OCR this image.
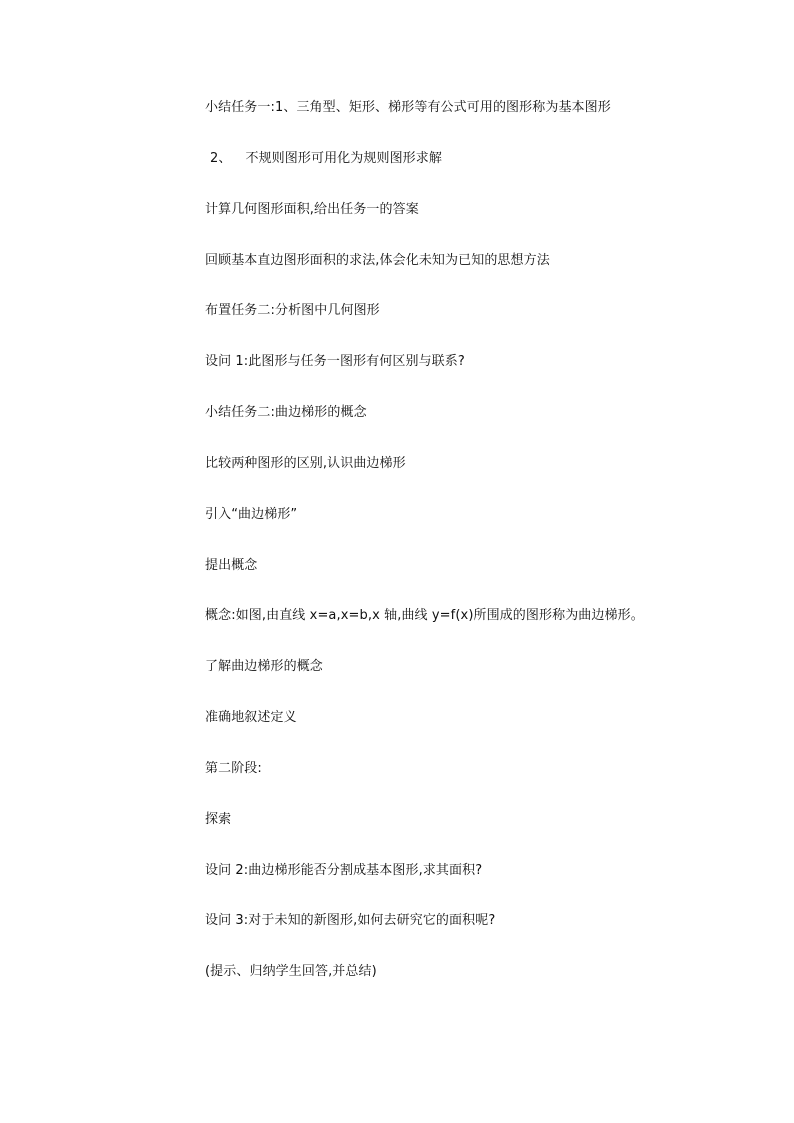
小结任务一:1、三角型、矩形、梯形等有公式可用的图形称为基本图形
2、 不规则图形可用化为规则图形求解
计算几何图形面积,给出任务一的答案
回顾基本直边图形面积的求法,体会化未知为已知的思想方法
布置任务二:分析图中几何图形
设问 1:此图形与任务一图形有何区别与联系?
小结任务二:曲边梯形的概念
比较两种图形的区别,认识曲边梯形
引入“曲边梯形”
提出概念
概念:如图,由直线 x=a,x=b,x 轴,曲线 y=f(x)所围成的图形称为曲边梯形。
了解曲边梯形的概念
准确地叙述定义
第二阶段:
探索
设问 2:曲边梯形能否分割成基本图形,求其面积?
设问 3:对于未知的新图形,如何去研究它的面积呢?
(提示、归纳学生回答,并总结)
